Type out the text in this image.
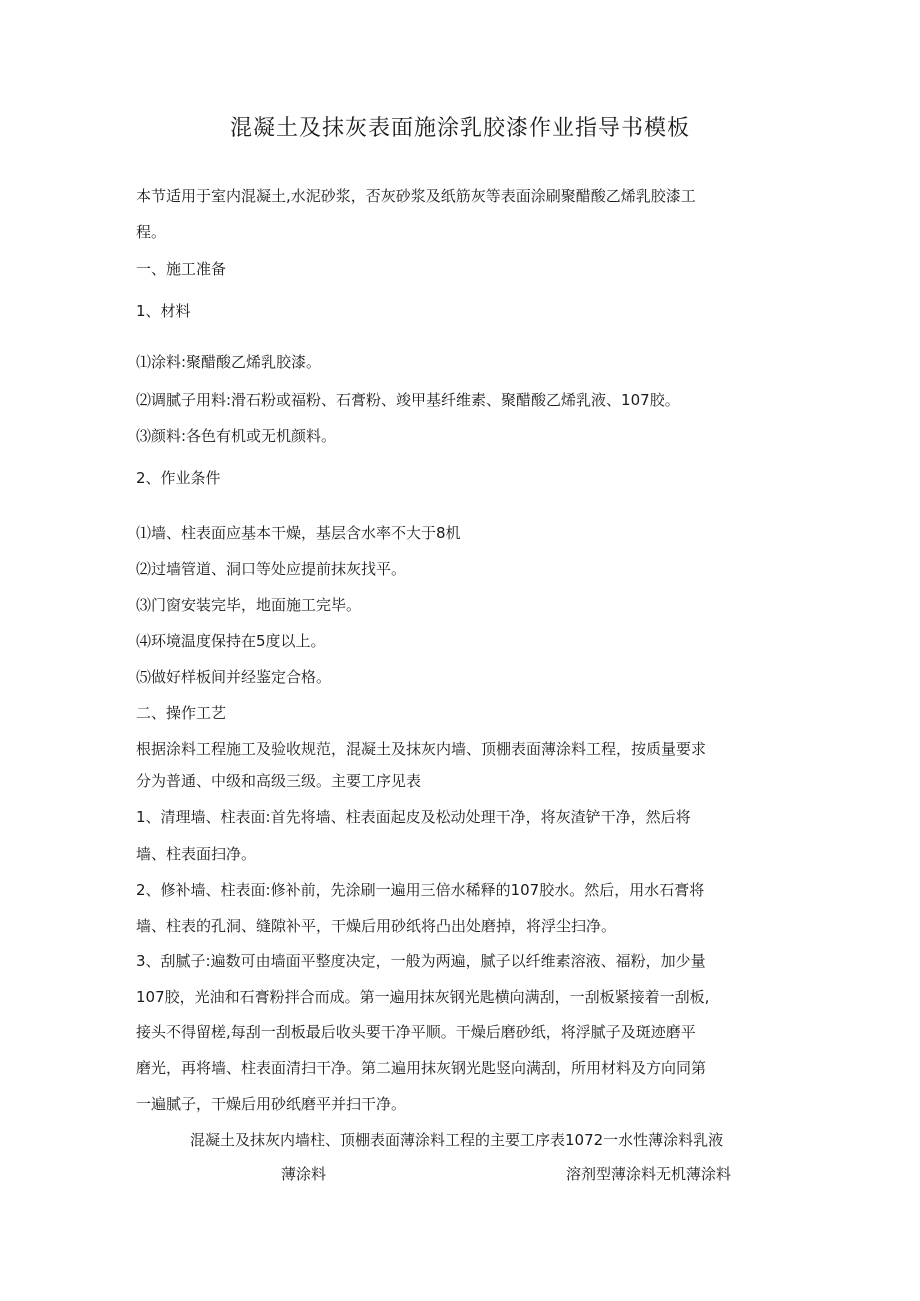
混凝土及抹灰表面施涂乳胶漆作业指导书模板

本节适用于室内混凝土,水泥砂浆，否灰砂浆及纸筋灰等表面涂刷聚醋酸乙烯乳胶漆工

程。

一、施工准备

1、材料

⑴涂料:聚醋酸乙烯乳胶漆。

⑵调腻子用料:滑石粉或福粉、石膏粉、竣甲基纤维素、聚醋酸乙烯乳液、107胶。

⑶颜料:各色有机或无机颜料。

2、作业条件

⑴墙、柱表面应基本干燥，基层含水率不大于8机

⑵过墙管道、洞口等处应提前抹灰找平。

⑶门窗安装完毕，地面施工完毕。

⑷环境温度保持在5度以上。

⑸做好样板间并经鉴定合格。

二、操作工艺

根据涂料工程施工及验收规范，混凝土及抹灰内墙、顶棚表面薄涂料工程，按质量要求

分为普通、中级和高级三级。主要工序见表

1、清理墙、柱表面:首先将墙、柱表面起皮及松动处理干净，将灰渣铲干净，然后将

墙、柱表面扫净。

2、修补墙、柱表面:修补前，先涂刷一遍用三倍水稀释的107胶水。然后，用水石膏将

墙、柱表的孔洞、缝隙补平，干燥后用砂纸将凸出处磨掉，将浮尘扫净。

3、刮腻子:遍数可由墙面平整度决定，一般为两遍，腻子以纤维素溶液、福粉，加少量

107胶，光油和石膏粉拌合而成。第一遍用抹灰钢光匙横向满刮，一刮板紧接着一刮板,

接头不得留槎,每刮一刮板最后收头要干净平顺。干燥后磨砂纸，将浮腻子及斑迹磨平

磨光，再将墙、柱表面清扫干净。第二遍用抹灰钢光匙竖向满刮，所用材料及方向同第

一遍腻子，干燥后用砂纸磨平并扫干净。

混凝土及抹灰内墙柱、顶棚表面薄涂料工程的主要工序表1072一水性薄涂料乳液
薄涂料	溶剂型薄涂料无机薄涂料
